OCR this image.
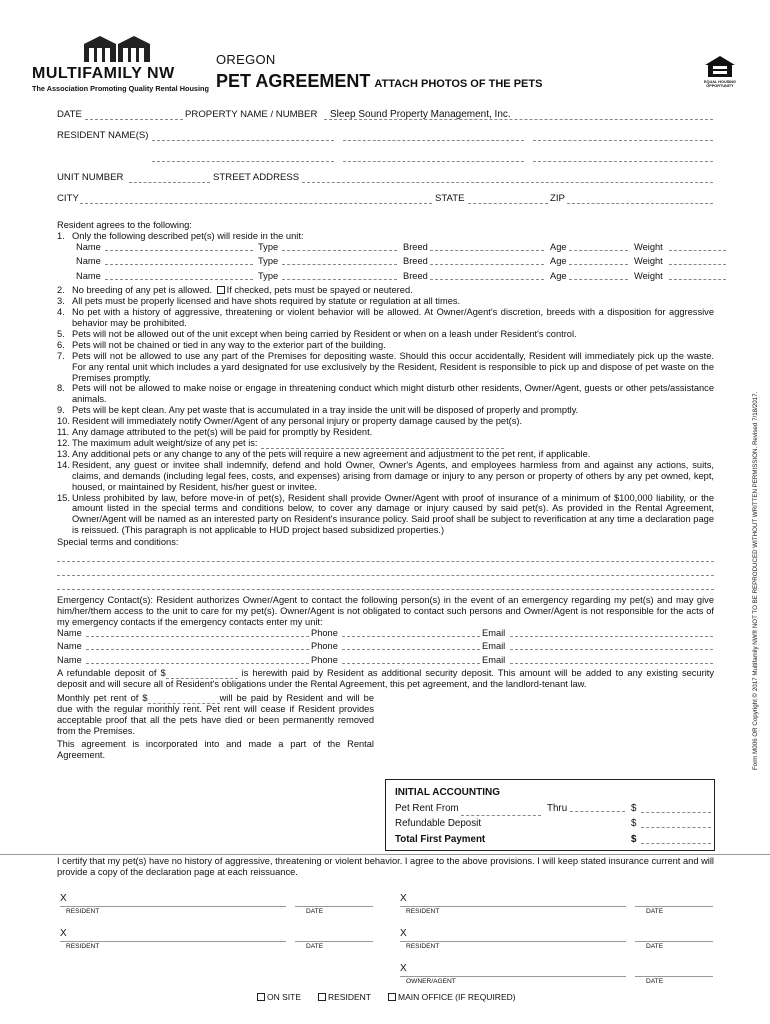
MULTIFAMILY NW
The Association Promoting Quality Rental Housing
OREGON
PET AGREEMENT ATTACH PHOTOS OF THE PETS	EQUAL HOUSING
OPPORTUNITY
Form M006 OR Copyright © 2017 Multifamily NW® NOT TO BE REPRODUCED WITHOUT WRITTEN PERMISSION. Revised 7/18/2017.
DATE	PROPERTY NAME / NUMBER Sleep Sound Property Management, Inc.
RESIDENT NAME(S)
UNIT NUMBER	STREET ADDRESS
CITY	STATE	ZIP
Resident agrees to the following:
1. Only the following described pet(s) will reside in the unit:
Name	Type	Breed	Age	Weight
Name	Type	Breed	Age	Weight
Name	Type	Breed	Age	Weight
2. No breeding of any pet is allowed. If checked, pets must be spayed or neutered.
3. All pets must be properly licensed and have shots required by statute or regulation at all times.
4. No pet with a history of aggressive, threatening or violent behavior will be allowed. At Owner/Agent's discretion, breeds with a disposition for aggressive behavior may be prohibited.
5. Pets will not be allowed out of the unit except when being carried by Resident or when on a leash under Resident's control.
6. Pets will not be chained or tied in any way to the exterior part of the building.
7. Pets will not be allowed to use any part of the Premises for depositing waste. Should this occur accidentally, Resident will immediately pick up the waste. For any rental unit which includes a yard designated for use exclusively by the Resident, Resident is responsible to pick up and dispose of pet waste on the Premises promptly.
8. Pets will not be allowed to make noise or engage in threatening conduct which might disturb other residents, Owner/Agent, guests or other pets/assistance animals.
9. Pets will be kept clean. Any pet waste that is accumulated in a tray inside the unit will be disposed of properly and promptly.
10. Resident will immediately notify Owner/Agent of any personal injury or property damage caused by the pet(s).
11. Any damage attributed to the pet(s) will be paid for promptly by Resident.
12. The maximum adult weight/size of any pet is:
13. Any additional pets or any change to any of the pets will require a new agreement and adjustment to the pet rent, if applicable.
14. Resident, any guest or invitee shall indemnify, defend and hold Owner, Owner's Agents, and employees harmless from and against any actions, suits, claims, and demands (including legal fees, costs, and expenses) arising from damage or injury to any person or property of others by any pet owned, kept, housed, or maintained by Resident, his/her guest or invitee.
15. Unless prohibited by law, before move-in of pet(s), Resident shall provide Owner/Agent with proof of insurance of a minimum of $100,000 liability, or the amount listed in the special terms and conditions below, to cover any damage or injury caused by said pet(s). As provided in the Rental Agreement, Owner/Agent will be named as an interested party on Resident's insurance policy. Said proof shall be subject to reverification at any time a declaration page is reissued. (This paragraph is not applicable to HUD project based subsidized properties.)
Special terms and conditions:
Emergency Contact(s): Resident authorizes Owner/Agent to contact the following person(s) in the event of an emergency regarding my pet(s) and may give him/her/them access to the unit to care for my pet(s). Owner/Agent is not obligated to contact such persons and Owner/Agent is not responsible for the acts of my emergency contacts if the emergency contacts enter my unit:
Name	Phone	Email
Name	Phone	Email
Name	Phone	Email
A refundable deposit of $	is herewith paid by Resident as additional security deposit. This amount will be added to any existing security deposit and will secure all of Resident's obligations under the Rental Agreement, this pet agreement, and the landlord-tenant law.
Monthly pet rent of $	will be paid by Resident and will be due with the regular monthly rent. Pet rent will cease if Resident provides acceptable proof that all the pets have died or been permanently removed from the Premises.
This agreement is incorporated into and made a part of the Rental Agreement.
INITIAL ACCOUNTING
Pet Rent From	Thru	$
Refundable Deposit	$
Total First Payment	$
I certify that my pet(s) have no history of aggressive, threatening or violent behavior. I agree to the above provisions. I will keep stated insurance current and will provide a copy of the declaration page at each reissuance.
X
RESIDENT	DATE
X
RESIDENT	DATE
X
RESIDENT	DATE
X
RESIDENT	DATE
X
OWNER/AGENT	DATE
ON SITE	RESIDENT	MAIN OFFICE (IF REQUIRED)
